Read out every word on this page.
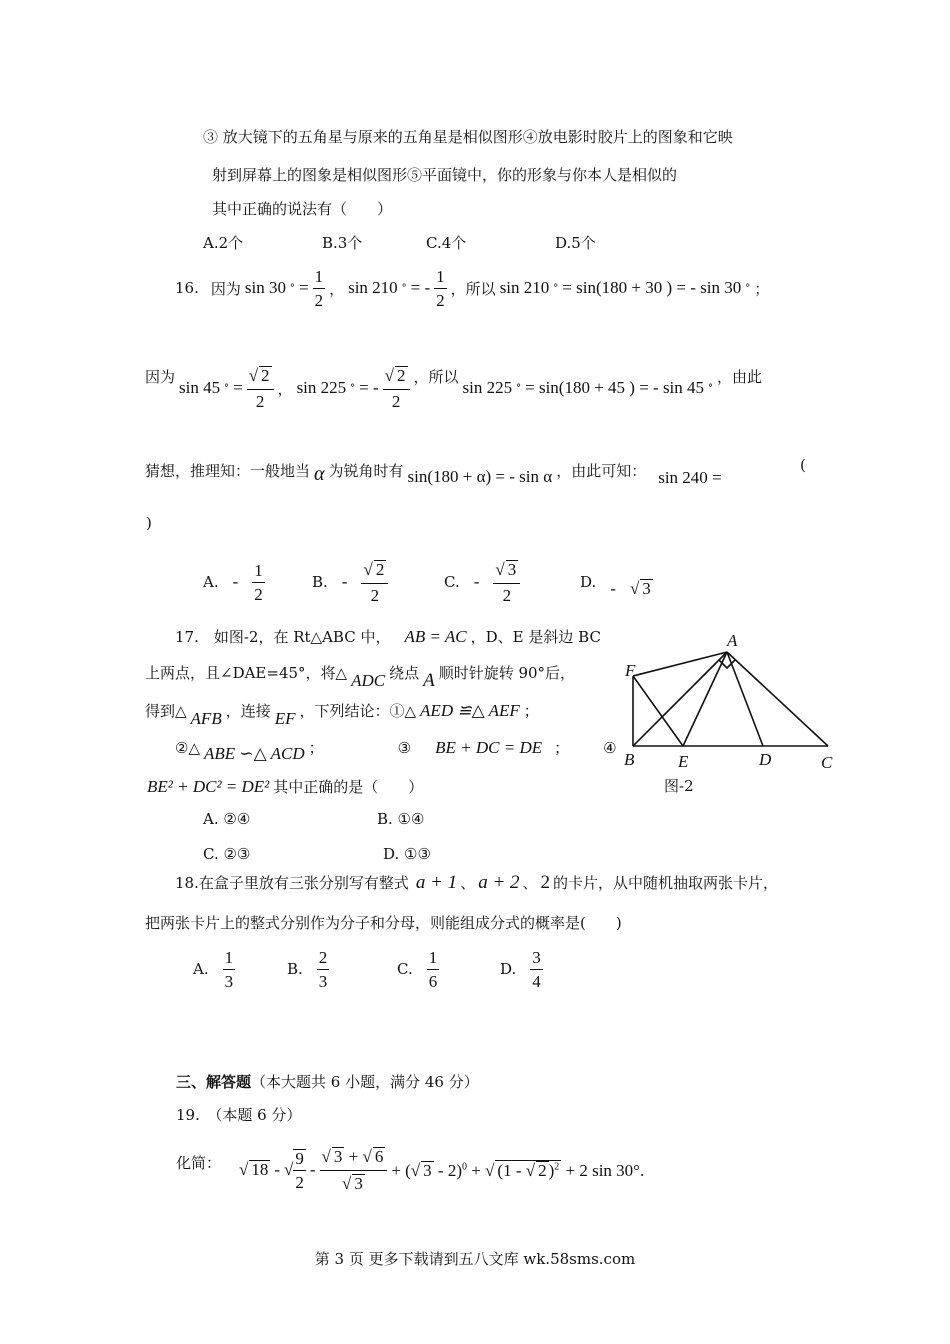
③ 放大镜下的五角星与原来的五角星是相似图形④放电影时胶片上的图象和它映
射到屏幕上的图象是相似图形⑤平面镜中，你的形象与你本人是相似的
其中正确的说法有（　　）
A.2个	B.3个	C.4个	D.5个
16. 因为 sin 30 ° = $\frac{1}{2}$ ， sin 210 ° = - $\frac{1}{2}$ ，所以 sin 210 ° = sin(180 + 30 ) = - sin 30 ° ；
因为
sin 45 ° = $\frac{√ 2}{2}$ ， sin 225 ° = - $\frac{√ 2}{2}$ ，所以
sin 225 ° = sin(180 + 45 ) = - sin 45 °
，由此
猜想，推理知：一般地当 α 为锐角时有 sin(180 + α) = - sin α ，由此可知： sin 240 =
(
)
A. - $\frac{1}{2}$	B. - $\frac{√ 2}{2}$	C. - $\frac{√ 3}{2}$	D. - √ 3
17.　如图-2，在 Rt△ABC 中， AB = AC ，D、E 是斜边 BC
上两点，且∠DAE=45°，将△ ADC 绕点 A 顺时针旋转 90°后，
得到△ AFB ，连接 EF ，下列结论：①△ AED ≌△ AEF ；
②△ ABE ∽△ ACD ；	③ BE + DC = DE ； ④
BE² + DC² = DE² 其中正确的是（　　）
A. ②④	B. ①④
C. ②③	D. ①③
A
F
B	E	D	C
图-2
18.在盒子里放有三张分别写有整式 a + 1 、 a + 2 、 2 的卡片，从中随机抽取两张卡片，
把两张卡片上的整式分别作为分子和分母，则能组成分式的概率是(　　)
A. $\frac{1}{3}$	B. $\frac{2}{3}$	C. $\frac{1}{6}$	D. $\frac{3}{4}$
三、解答题（本大题共 6 小题，满分 46 分）
19.　（本题 6 分）
化简： √ 18 - √ $\frac{9}{2} - \frac{√ 3 + √ 6}{√ 3}$ + (√ 3 - 2)$^0$ + √ (1 - √ 2 )$^2$ + 2 sin 30°.
第 3 页 更多下载请到五八文库 wk.58sms.com
